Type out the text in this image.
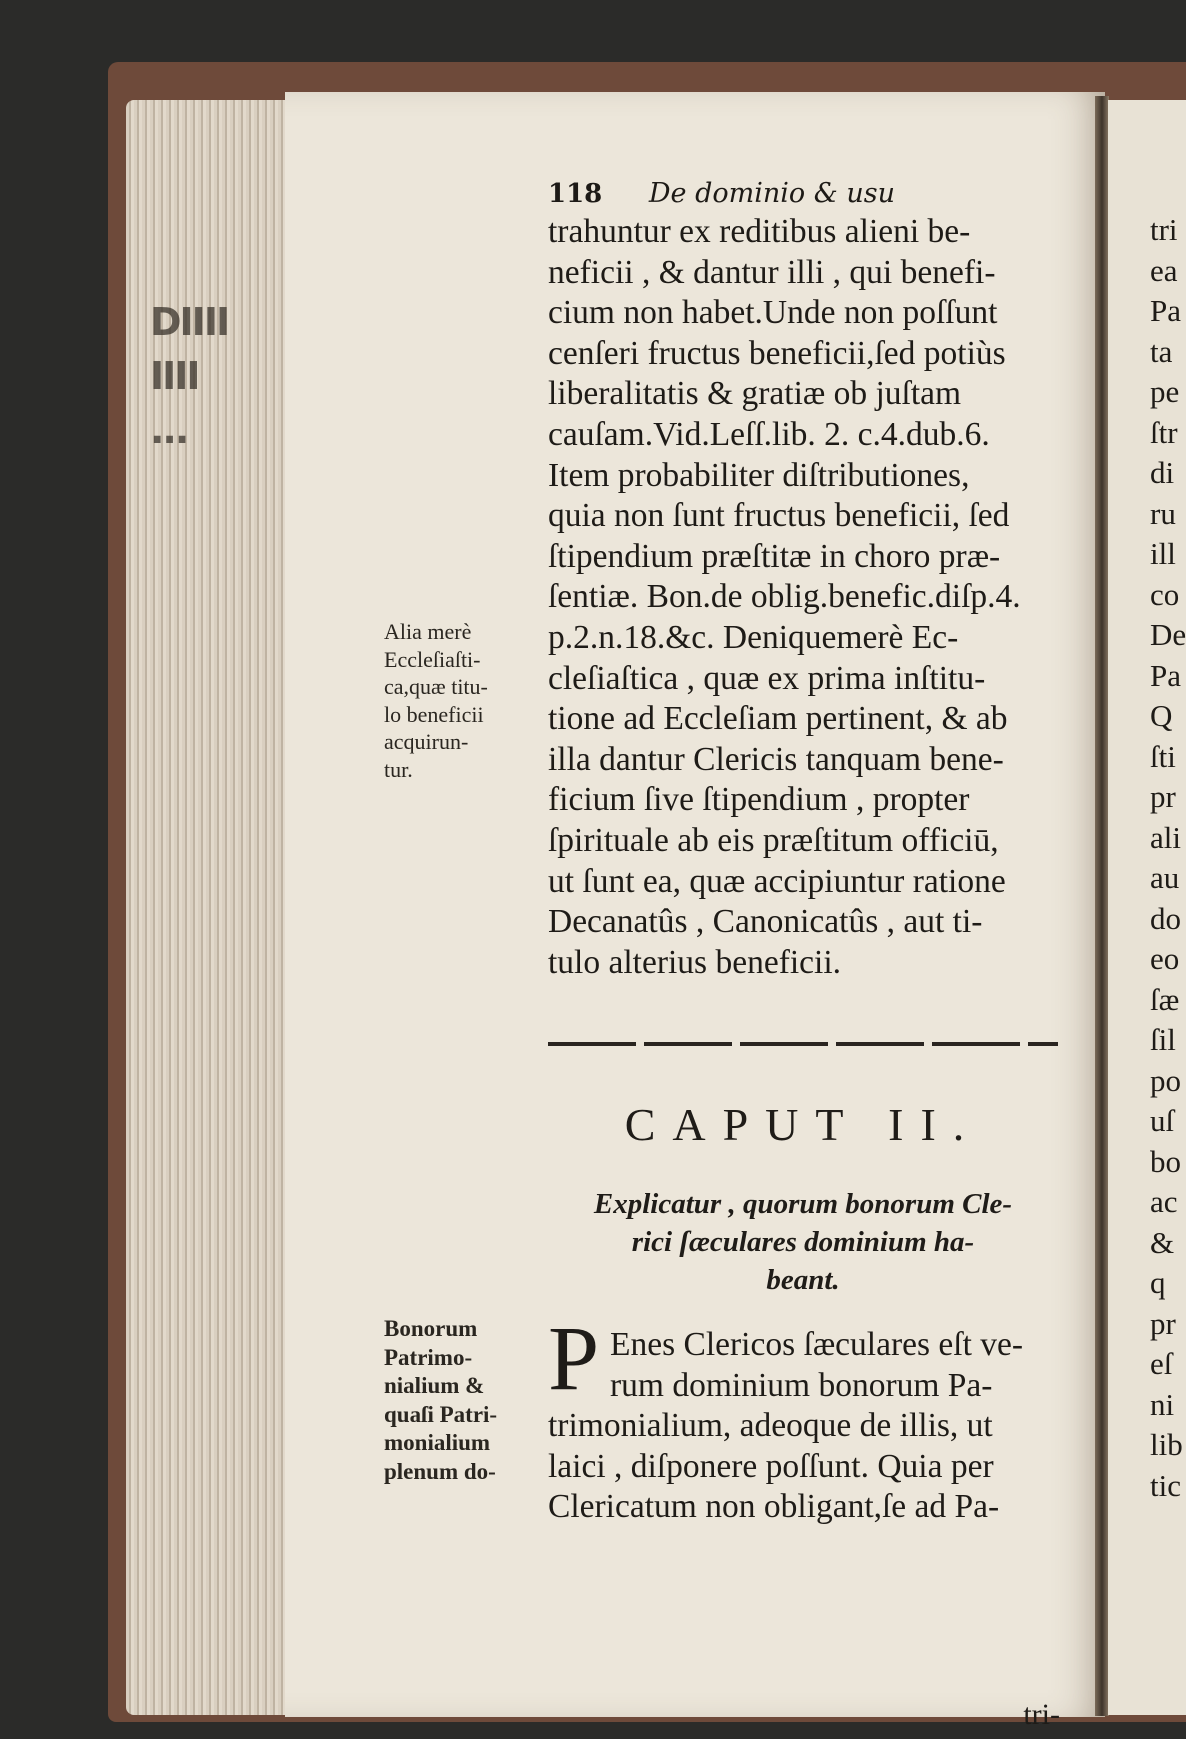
DIIII
IIII
...
118 De dominio & usu
trahuntur ex reditibus alieni be-
neficii , & dantur illi , qui benefi-
cium non habet.Unde non poſſunt
cenſeri fructus beneficii,ſed potiùs
liberalitatis & gratiæ ob juſtam
cauſam.Vid.Leſſ.lib. 2. c.4.dub.6.
Item probabiliter diſtributiones,
quia non ſunt fructus beneficii, ſed
ſtipendium præſtitæ in choro præ-
ſentiæ. Bon.de oblig.benefic.diſp.4.
p.2.n.18.&c. Deniquemerè Ec-
cleſiaſtica , quæ ex prima inſtitu-
tione ad Eccleſiam pertinent, & ab
illa dantur Clericis tanquam bene-
ficium ſive ſtipendium , propter
ſpirituale ab eis præſtitum officiū,
ut ſunt ea, quæ accipiuntur ratione
Decanatûs , Canonicatûs , aut ti-
tulo alterius beneficii.
Alia merè
Eccleſiaſti-
ca,quæ titu-
lo beneficii
acquirun-
tur.
CAPUT II.
Explicatur , quorum bonorum Cle-
rici ſæculares dominium ha-
beant.
P Enes Clericos ſæculares eſt ve-
rum dominium bonorum Pa-
trimonialium, adeoque de illis, ut
laici , diſponere poſſunt. Quia per
Clericatum non obligant,ſe ad Pa-
Bonorum
Patrimo-
nialium &
quaſi Patri-
monialium
plenum do-
tri-
tri
ea
Pa
ta
pe
ſtr
di
ru
ill
co
De
Pa
Q
ſti
pr
ali
au
do
eo
ſæ
ſil
po
uſ
bo
ac
&
q
pr
eſ
ni
lib
tic
